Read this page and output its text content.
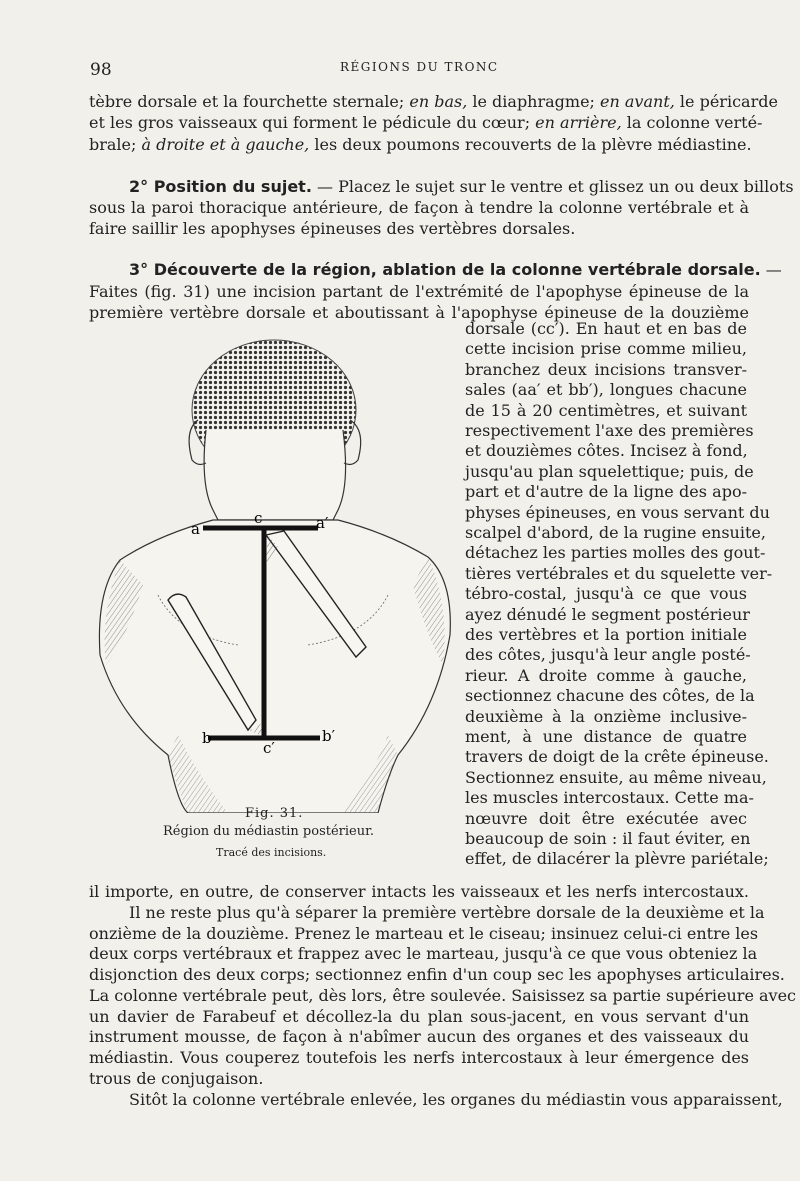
98	RÉGIONS DU TRONC
tèbre dorsale et la fourchette sternale; en bas, le diaphragme; en avant, le péricarde
et les gros vaisseaux qui forment le pédicule du cœur; en arrière, la colonne verté-
brale; à droite et à gauche, les deux poumons recouverts de la plèvre médiastine.
2° Position du sujet. — Placez le sujet sur le ventre et glissez un ou deux billots
sous la paroi thoracique antérieure, de façon à tendre la colonne vertébrale et à
faire saillir les apophyses épineuses des vertèbres dorsales.
3° Découverte de la région, ablation de la colonne vertébrale dorsale. —
Faites (fig. 31) une incision partant de l'extrémité de l'apophyse épineuse de la
première vertèbre dorsale et aboutissant à l'apophyse épineuse de la douzième
dorsale (cc′). En haut et en bas de
cette incision prise comme milieu,
branchez deux incisions transver-
sales (aa′ et bb′), longues chacune
de 15 à 20 centimètres, et suivant
respectivement l'axe des premières
et douzièmes côtes. Incisez à fond,
jusqu'au plan squelettique; puis, de
part et d'autre de la ligne des apo-
physes épineuses, en vous servant du
scalpel d'abord, de la rugine ensuite,
détachez les parties molles des gout-
tières vertébrales et du squelette ver-
tébro-costal, jusqu'à ce que vous
ayez dénudé le segment postérieur
des vertèbres et la portion initiale
des côtes, jusqu'à leur angle posté-
rieur. A droite comme à gauche,
sectionnez chacune des côtes, de la
deuxième à la onzième inclusive-
ment, à une distance de quatre
travers de doigt de la crête épineuse.
Sectionnez ensuite, au même niveau,
les muscles intercostaux. Cette ma-
nœuvre doit être exécutée avec
beaucoup de soin : il faut éviter, en
effet, de dilacérer la plèvre pariétale;
a
c	a′
b
c′
b′
Fig. 31.
Région du médiastin postérieur.
Tracé des incisions.
il importe, en outre, de conserver intacts les vaisseaux et les nerfs intercostaux.
Il ne reste plus qu'à séparer la première vertèbre dorsale de la deuxième et la
onzième de la douzième. Prenez le marteau et le ciseau; insinuez celui-ci entre les
deux corps vertébraux et frappez avec le marteau, jusqu'à ce que vous obteniez la
disjonction des deux corps; sectionnez enfin d'un coup sec les apophyses articulaires.
La colonne vertébrale peut, dès lors, être soulevée. Saisissez sa partie supérieure avec
un davier de Farabeuf et décollez-la du plan sous-jacent, en vous servant d'un
instrument mousse, de façon à n'abîmer aucun des organes et des vaisseaux du
médiastin. Vous couperez toutefois les nerfs intercostaux à leur émergence des
trous de conjugaison.
Sitôt la colonne vertébrale enlevée, les organes du médiastin vous apparaissent,
